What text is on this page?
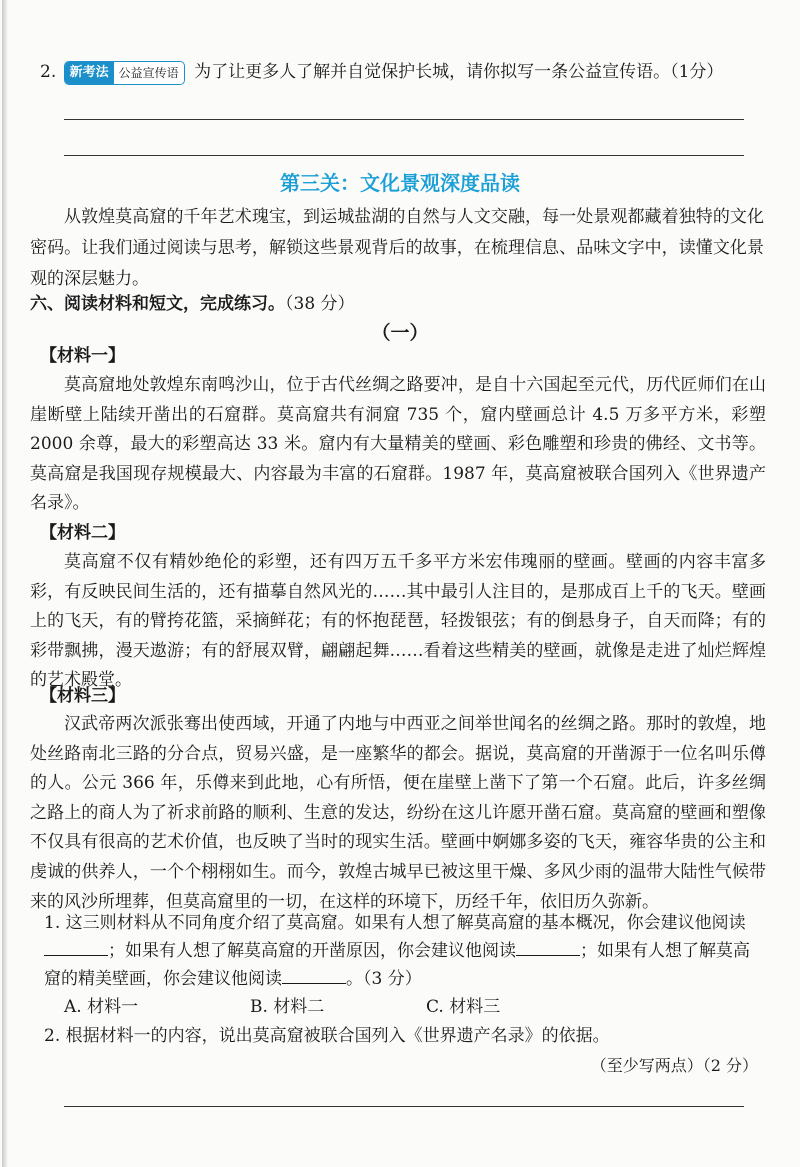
2.	新考法 公益宣传语 为了让更多人了解并自觉保护长城，请你拟写一条公益宣传语。（1分）
第三关：文化景观深度品读
从敦煌莫高窟的千年艺术瑰宝，到运城盐湖的自然与人文交融，每一处景观都藏着独特的文化密码。让我们通过阅读与思考，解锁这些景观背后的故事，在梳理信息、品味文字中，读懂文化景观的深层魅力。
六、阅读材料和短文，完成练习。（38 分）
（一）
【材料一】
莫高窟地处敦煌东南鸣沙山，位于古代丝绸之路要冲，是自十六国起至元代，历代匠师们在山崖断壁上陆续开凿出的石窟群。莫高窟共有洞窟 735 个，窟内壁画总计 4.5 万多平方米，彩塑 2000 余尊，最大的彩塑高达 33 米。窟内有大量精美的壁画、彩色雕塑和珍贵的佛经、文书等。莫高窟是我国现存规模最大、内容最为丰富的石窟群。1987 年，莫高窟被联合国列入《世界遗产名录》。
【材料二】
莫高窟不仅有精妙绝伦的彩塑，还有四万五千多平方米宏伟瑰丽的壁画。壁画的内容丰富多彩，有反映民间生活的，还有描摹自然风光的……其中最引人注目的，是那成百上千的飞天。壁画上的飞天，有的臂挎花篮，采摘鲜花；有的怀抱琵琶，轻拨银弦；有的倒悬身子，自天而降；有的彩带飘拂，漫天遨游；有的舒展双臂，翩翩起舞……看着这些精美的壁画，就像是走进了灿烂辉煌的艺术殿堂。
【材料三】
汉武帝两次派张骞出使西域，开通了内地与中西亚之间举世闻名的丝绸之路。那时的敦煌，地处丝路南北三路的分合点，贸易兴盛，是一座繁华的都会。据说，莫高窟的开凿源于一位名叫乐僔的人。公元 366 年，乐僔来到此地，心有所悟，便在崖壁上凿下了第一个石窟。此后，许多丝绸之路上的商人为了祈求前路的顺利、生意的发达，纷纷在这儿许愿开凿石窟。莫高窟的壁画和塑像不仅具有很高的艺术价值，也反映了当时的现实生活。壁画中婀娜多姿的飞天，雍容华贵的公主和虔诚的供养人，一个个栩栩如生。而今，敦煌古城早已被这里干燥、多风少雨的温带大陆性气候带来的风沙所埋葬，但莫高窟里的一切，在这样的环境下，历经千年，依旧历久弥新。
1. 这三则材料从不同角度介绍了莫高窟。如果有人想了解莫高窟的基本概况，你会建议他阅读；如果有人想了解莫高窟的开凿原因，你会建议他阅读	；如果有人想了解莫高窟的精美壁画，你会建议他阅读	。（3 分）
A. 材料一	B. 材料二	C. 材料三
2. 根据材料一的内容，说出莫高窟被联合国列入《世界遗产名录》的依据。
（至少写两点）（2 分）
